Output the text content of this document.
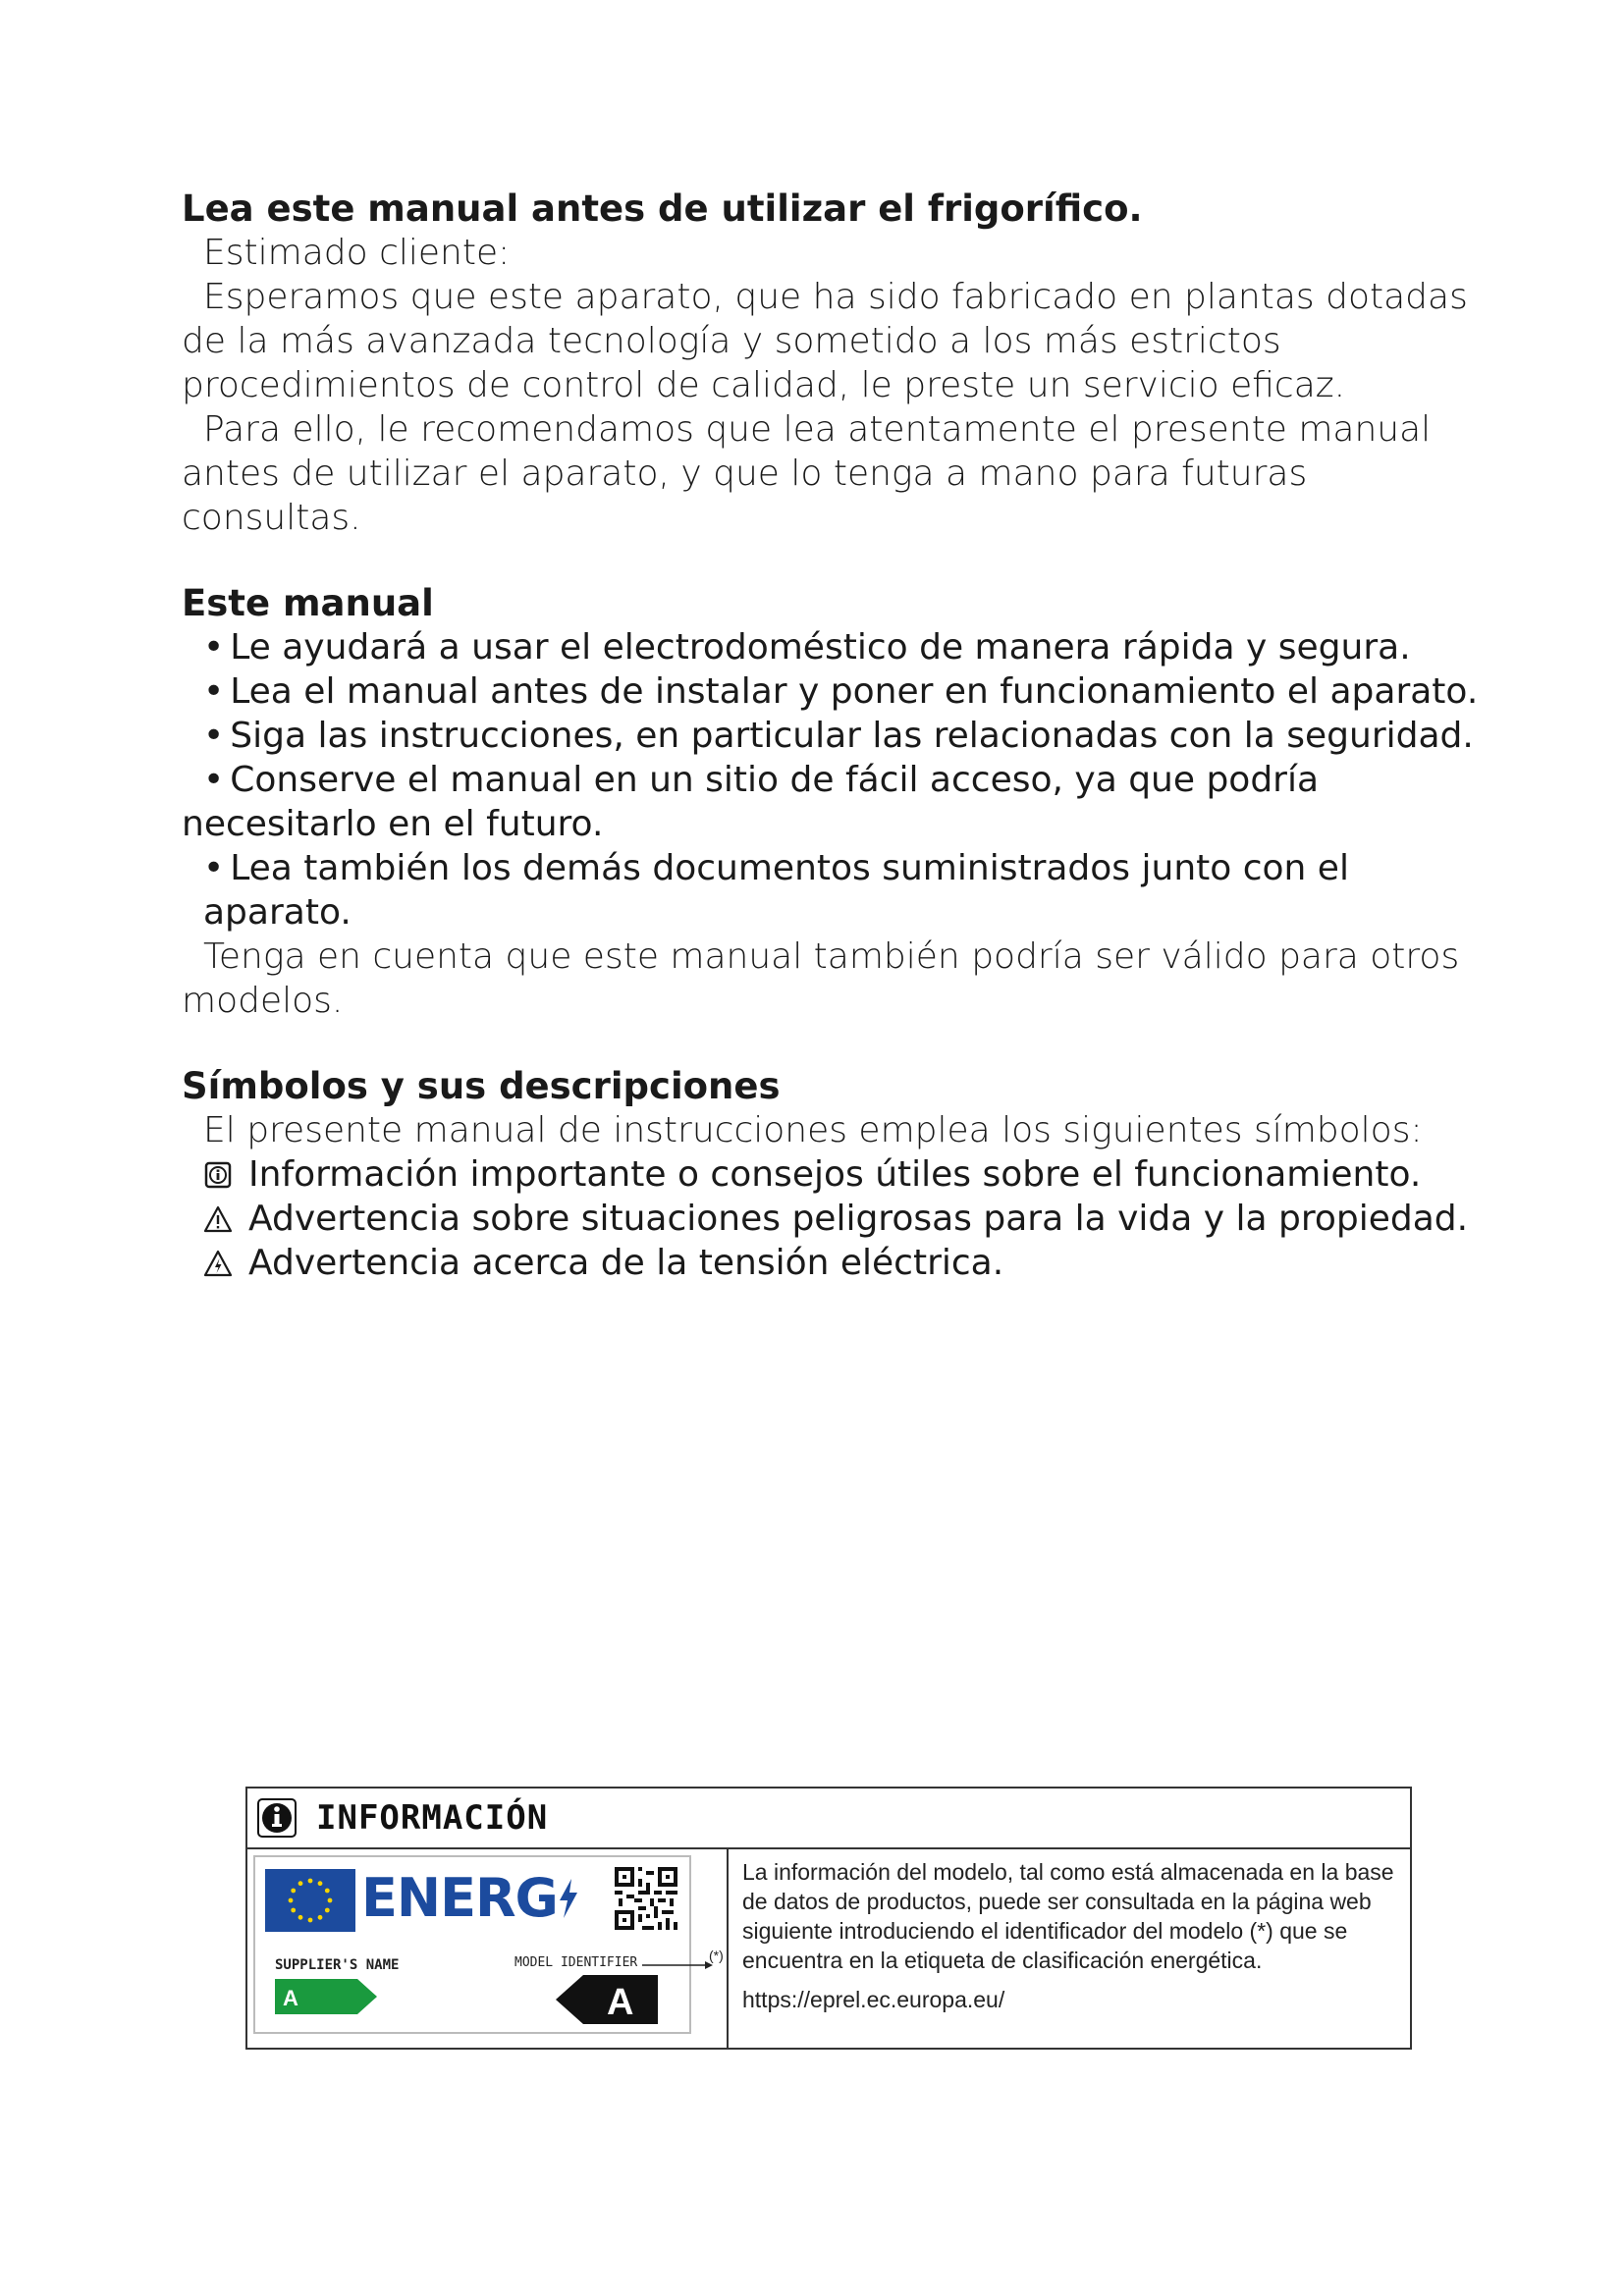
Lea este manual antes de utilizar el frigorífico.

Estimado cliente:

Esperamos que este aparato, que ha sido fabricado en plantas dotadas de la más avanzada tecnología y sometido a los más estrictos procedimientos de control de calidad, le preste un servicio eficaz.

Para ello, le recomendamos que lea atentamente el presente manual antes de utilizar el aparato, y que lo tenga a mano para futuras consultas.

Este manual
• Le ayudará a usar el electrodoméstico de manera rápida y segura.
• Lea el manual antes de instalar y poner en funcionamiento el aparato.
• Siga las instrucciones, en particular las relacionadas con la seguridad.
• Conserve el manual en un sitio de fácil acceso, ya que podría necesitarlo en el futuro.
• Lea también los demás documentos suministrados junto con el aparato.

Tenga en cuenta que este manual también podría ser válido para otros modelos.

Símbolos y sus descripciones

El presente manual de instrucciones emplea los siguientes símbolos:

Información importante o consejos útiles sobre el funcionamiento.

Advertencia sobre situaciones peligrosas para la vida y la propiedad.

Advertencia acerca de la tensión eléctrica.

INFORMACIÓN
ENERG
SUPPLIER'S NAME	MODEL IDENTIFIER
A	A
(*)

La información del modelo, tal como está almacenada en la base de datos de productos, puede ser consultada en la página web siguiente introduciendo el identificador del modelo (*) que se encuentra en la etiqueta de clasificación energética.

https://eprel.ec.europa.eu/
